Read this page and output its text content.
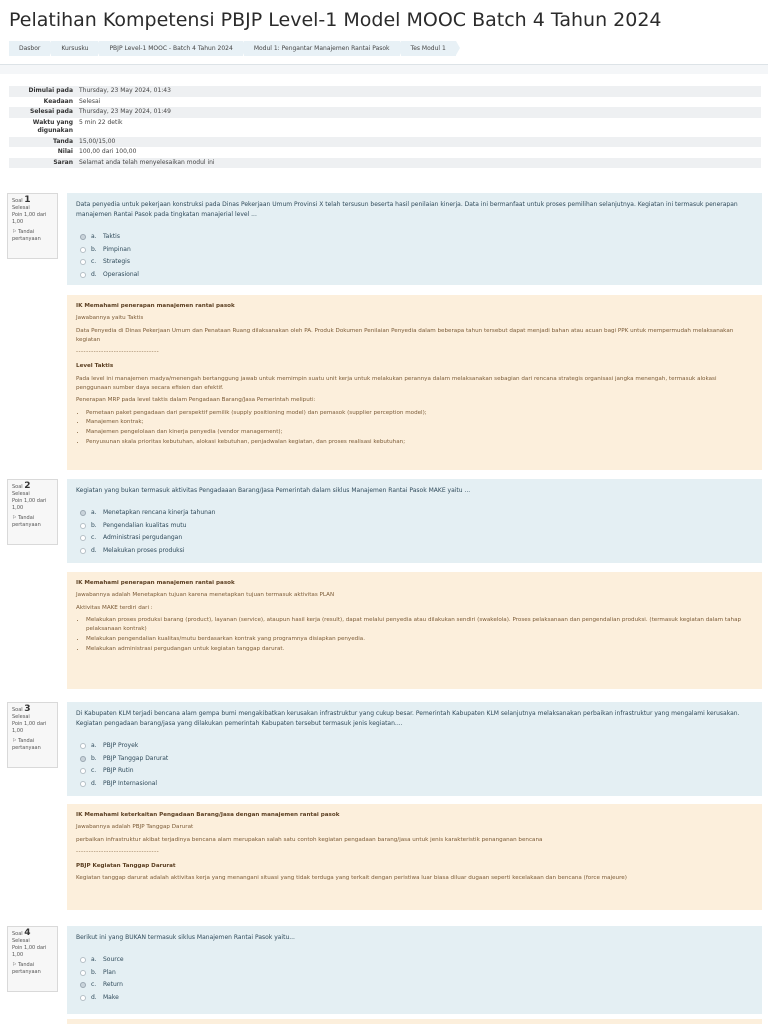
Pelatihan Kompetensi PBJP Level-1 Model MOOC Batch 4 Tahun 2024
Dasbor	Kursusku	PBJP Level-1 MOOC - Batch 4 Tahun 2024	Modul 1: Pengantar Manajemen Rantai Pasok	Tes Modul 1
Dimulai pada	Thursday, 23 May 2024, 01:43
Keadaan	Selesai
Selesai pada	Thursday, 23 May 2024, 01:49
Waktu yang digunakan	5 min 22 detik
Tanda	15,00/15,00
Nilai	100,00 dari 100,00
Saran	Selamat anda telah menyelesaikan modul ini
Soal 1
Selesai
Poin 1,00 dari 1,00
⚐ Tandai pertanyaan
Data penyedia untuk pekerjaan konstruksi pada Dinas Pekerjaan Umum Provinsi X telah tersusun beserta hasil penilaian kinerja. Data ini bermanfaat untuk proses pemilihan selanjutnya. Kegiatan ini termasuk penerapan manajemen Rantai Pasok pada tingkatan manajerial level ...
a.	Taktis
b.	Pimpinan
c.	Strategis
d.	Operasional
IK Memahami penerapan manajemen rantai pasok
Jawabannya yaitu Taktis
Data Penyedia di Dinas Pekerjaan Umum dan Penataan Ruang dilaksanakan oleh PA. Produk Dokumen Penilaian Penyedia dalam beberapa tahun tersebut dapat menjadi bahan atau acuan bagi PPK untuk mempermudah melaksanakan kegiatan
---------------------------------
Level Taktis
Pada level ini manajemen madya/menengah bertanggung jawab untuk memimpin suatu unit kerja untuk melakukan perannya dalam melaksanakan sebagian dari rencana strategis organisasi jangka menengah, termasuk alokasi penggunaan sumber daya secara efisien dan efektif.
Penerapan MRP pada level taktis dalam Pengadaan Barang/Jasa Pemerintah meliputi:
• Pemetaan paket pengadaan dari perspektif pemilik (supply positioning model) dan pemasok (supplier perception model);
• Manajemen kontrak;
• Manajemen pengelolaan dan kinerja penyedia (vendor management);
• Penyusunan skala prioritas kebutuhan, alokasi kebutuhan, penjadwalan kegiatan, dan proses realisasi kebutuhan;
Soal 2
Selesai
Poin 1,00 dari 1,00
⚐ Tandai pertanyaan
Kegiatan yang bukan termasuk aktivitas Pengadaaan Barang/Jasa Pemerintah dalam siklus Manajemen Rantai Pasok MAKE yaitu ...
a.	Menetapkan rencana kinerja tahunan
b.	Pengendalian kualitas mutu
c.	Administrasi pergudangan
d.	Melakukan proses produksi
IK Memahami penerapan manajemen rantai pasok
Jawabannya adalah Menetapkan tujuan karena menetapkan tujuan termasuk aktivitas PLAN
Aktivitas MAKE terdiri dari :
• Melakukan proses produksi barang (product), layanan (service), ataupun hasil kerja (result), dapat melalui penyedia atau dilakukan sendiri (swakelola). Proses pelaksanaan dan pengendalian produksi. (termasuk kegiatan dalam tahap pelaksanaan kontrak)
• Melakukan pengendalian kualitas/mutu berdasarkan kontrak yang programnya disiapkan penyedia.
• Melakukan administrasi pergudangan untuk kegiatan tanggap darurat.
Soal 3
Selesai
Poin 1,00 dari 1,00
⚐ Tandai pertanyaan
Di Kabupaten KLM terjadi bencana alam gempa bumi mengakibatkan kerusakan infrastruktur yang cukup besar. Pemerintah Kabupaten KLM selanjutnya melaksanakan perbaikan infrastruktur yang mengalami kerusakan. Kegiatan pengadaan barang/jasa yang dilakukan pemerintah Kabupaten tersebut termasuk jenis kegiatan....
a.	PBJP Proyek
b.	PBJP Tanggap Darurat
c.	PBJP Rutin
d.	PBJP Internasional
IK Memahami keterkaitan Pengadaan Barang/Jasa dengan manajemen rantai pasok
Jawabannya adalah PBJP Tanggap Darurat
perbaikan infrastruktur akibat terjadinya bencana alam merupakan salah satu contoh kegiatan pengadaan barang/jasa untuk jenis karakteristik penanganan bencana
---------------------------------
PBJP Kegiatan Tanggap Darurat
Kegiatan tanggap darurat adalah aktivitas kerja yang menangani situasi yang tidak terduga yang terkait dengan peristiwa luar biasa diluar dugaan seperti kecelakaan dan bencana (force majeure)
Soal 4
Selesai
Poin 1,00 dari 1,00
⚐ Tandai pertanyaan
Berikut ini yang BUKAN termasuk siklus Manajemen Rantai Pasok yaitu...
a.	Source
b.	Plan
c.	Return
d.	Make
